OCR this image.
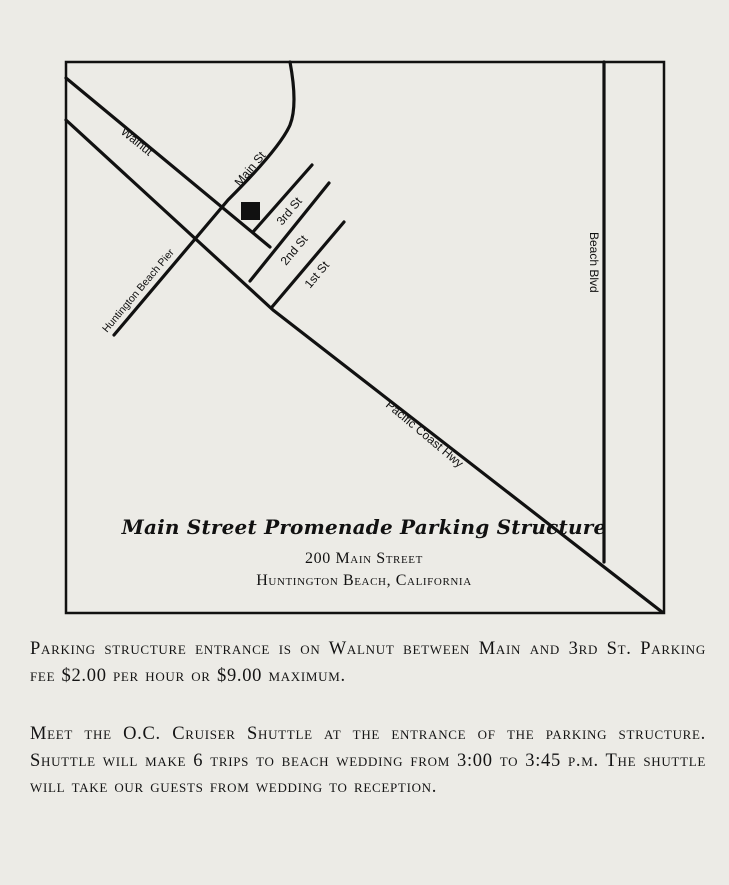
Walnut
Main St
3rd St
2nd St
1st St
Huntington Beach Pier
Pacific Coast Hwy
Beach Blvd
Main Street Promenade Parking Structure
200 Main Street
Huntington Beach, California
Parking structure entrance is on Walnut between Main and 3rd St. Parking fee $2.00 per hour or $9.00 maximum.
Meet the O.C. Cruiser Shuttle at the entrance of the parking structure. Shuttle will make 6 trips to beach wedding from 3:00 to 3:45 p.m. The shuttle will take our guests from wedding to reception.
